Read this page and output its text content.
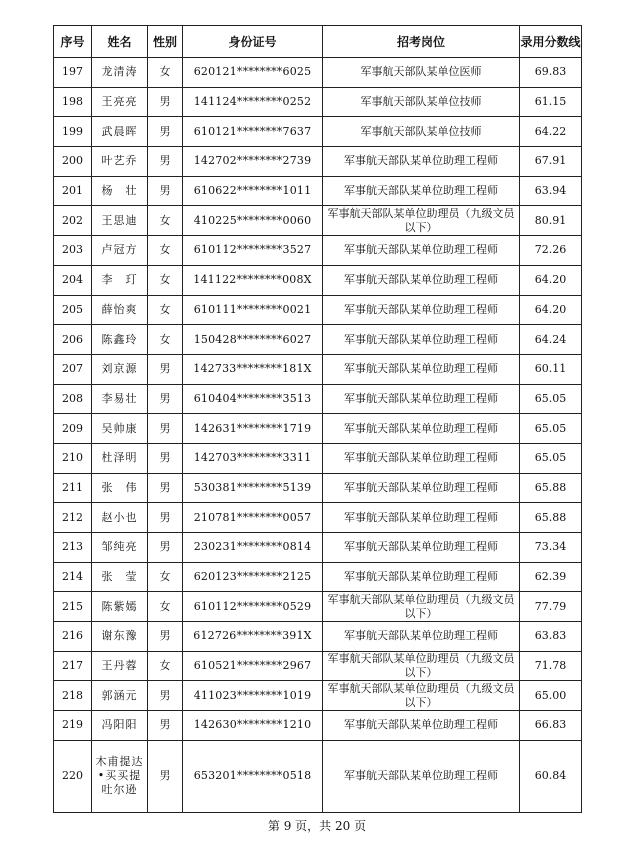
序号	姓名	性别	身份证号	招考岗位	录用分数线
197	龙清涛	女	620121********6025	军事航天部队某单位医师	69.83
198	王亮亮	男	141124********0252	军事航天部队某单位技师	61.15
199	武晨晖	男	610121********7637	军事航天部队某单位技师	64.22
200	叶艺乔	男	142702********2739	军事航天部队某单位助理工程师	67.91
201	杨　壮	男	610622********1011	军事航天部队某单位助理工程师	63.94
202	王思迪	女	410225********0060	军事航天部队某单位助理员（九级文员以下）	80.91
203	卢冠方	女	610112********3527	军事航天部队某单位助理工程师	72.26
204	李　玎	女	141122********008X	军事航天部队某单位助理工程师	64.20
205	薛怡爽	女	610111********0021	军事航天部队某单位助理工程师	64.20
206	陈鑫玲	女	150428********6027	军事航天部队某单位助理工程师	64.24
207	刘京源	男	142733********181X	军事航天部队某单位助理工程师	60.11
208	李易壮	男	610404********3513	军事航天部队某单位助理工程师	65.05
209	吴帅康	男	142631********1719	军事航天部队某单位助理工程师	65.05
210	杜泽明	男	142703********3311	军事航天部队某单位助理工程师	65.05
211	张　伟	男	530381********5139	军事航天部队某单位助理工程师	65.88
212	赵小也	男	210781********0057	军事航天部队某单位助理工程师	65.88
213	邹纯亮	男	230231********0814	军事航天部队某单位助理工程师	73.34
214	张　莹	女	620123********2125	军事航天部队某单位助理工程师	62.39
215	陈紫嫣	女	610112********0529	军事航天部队某单位助理员（九级文员以下）	77.79
216	谢东豫	男	612726********391X	军事航天部队某单位助理工程师	63.83
217	王丹蓉	女	610521********2967	军事航天部队某单位助理员（九级文员以下）	71.78
218	郭涵元	男	411023********1019	军事航天部队某单位助理员（九级文员以下）	65.00
219	冯阳阳	男	142630********1210	军事航天部队某单位助理工程师	66.83
220	木甫提达•买买提吐尔逊	男	653201********0518	军事航天部队某单位助理工程师	60.84
第 9 页，共 20 页
